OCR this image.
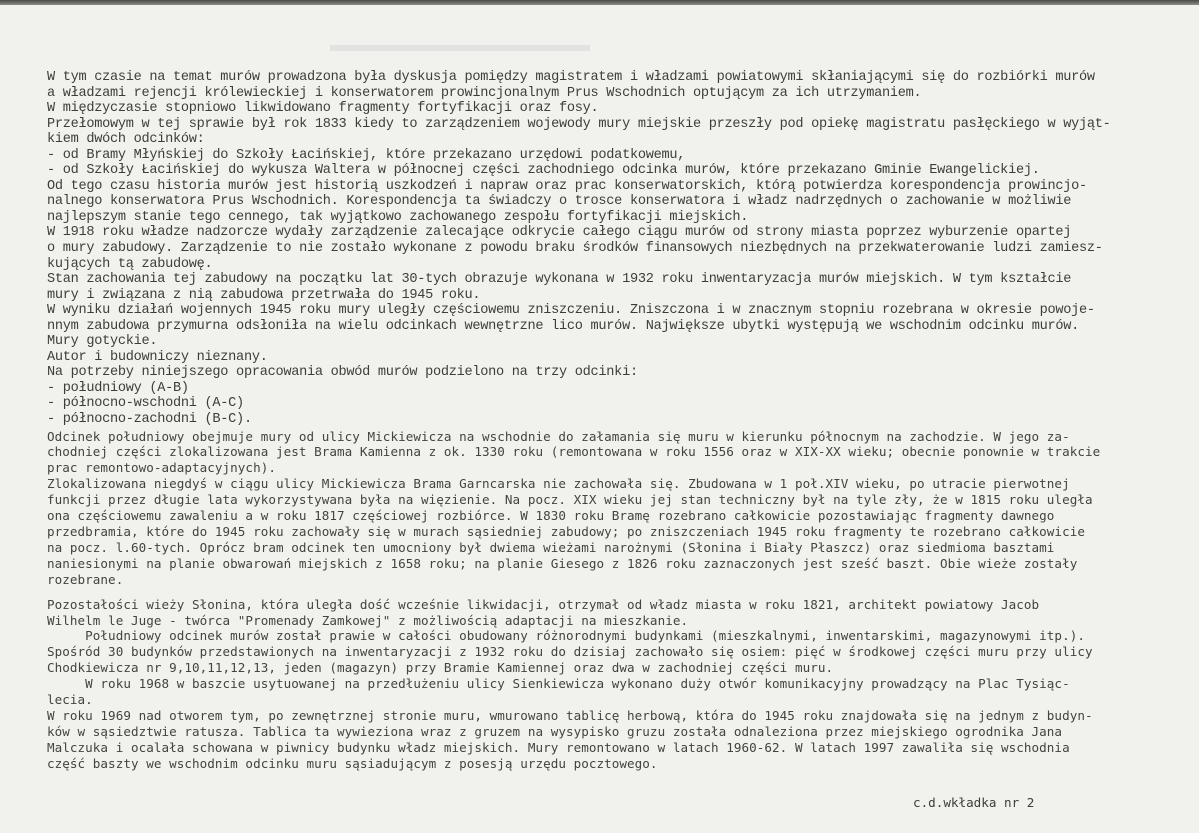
W tym czasie na temat murów prowadzona była dyskusja pomiędzy magistratem i władzami powiatowymi skłaniającymi się do rozbiórki murów
a władzami rejencji królewieckiej i konserwatorem prowincjonalnym Prus Wschodnich optującym za ich utrzymaniem.
W międzyczasie stopniowo likwidowano fragmenty fortyfikacji oraz fosy.
Przełomowym w tej sprawie był rok 1833 kiedy to zarządzeniem wojewody mury miejskie przeszły pod opiekę magistratu pasłęckiego w wyjąt-
kiem dwóch odcinków:
- od Bramy Młyńskiej do Szkoły Łacińskiej, które przekazano urzędowi podatkowemu,
- od Szkoły Łacińskiej do wykusza Waltera w północnej części zachodniego odcinka murów, które przekazano Gminie Ewangelickiej.
Od tego czasu historia murów jest historią uszkodzeń i napraw oraz prac konserwatorskich, którą potwierdza korespondencja prowincjo-
nalnego konserwatora Prus Wschodnich. Korespondencja ta świadczy o trosce konserwatora i władz nadrzędnych o zachowanie w możliwie
najlepszym stanie tego cennego, tak wyjątkowo zachowanego zespołu fortyfikacji miejskich.
W 1918 roku władze nadzorcze wydały zarządzenie zalecające odkrycie całego ciągu murów od strony miasta poprzez wyburzenie opartej
o mury zabudowy. Zarządzenie to nie zostało wykonane z powodu braku środków finansowych niezbędnych na przekwaterowanie ludzi zamiesz-
kujących tą zabudowę.
Stan zachowania tej zabudowy na początku lat 30-tych obrazuje wykonana w 1932 roku inwentaryzacja murów miejskich. W tym kształcie
mury i związana z nią zabudowa przetrwała do 1945 roku.
W wyniku działań wojennych 1945 roku mury uległy częściowemu zniszczeniu. Zniszczona i w znacznym stopniu rozebrana w okresie powoje-
nnym zabudowa przymurna odsłoniła na wielu odcinkach wewnętrzne lico murów. Największe ubytki występują we wschodnim odcinku murów.
Mury gotyckie.
Autor i budowniczy nieznany.
Na potrzeby niniejszego opracowania obwód murów podzielono na trzy odcinki:
- południowy (A-B)
- północno-wschodni (A-C)
- północno-zachodni (B-C).
Odcinek południowy obejmuje mury od ulicy Mickiewicza na wschodnie do załamania się muru w kierunku północnym na zachodzie. W jego za-
chodniej części zlokalizowana jest Brama Kamienna z ok. 1330 roku (remontowana w roku 1556 oraz w XIX-XX wieku; obecnie ponownie w trakcie
prac remontowo-adaptacyjnych).
Zlokalizowana niegdyś w ciągu ulicy Mickiewicza Brama Garncarska nie zachowała się. Zbudowana w 1 poł.XIV wieku, po utracie pierwotnej
funkcji przez długie lata wykorzystywana była na więzienie. Na pocz. XIX wieku jej stan techniczny był na tyle zły, że w 1815 roku uległa
ona częściowemu zawaleniu a w roku 1817 częściowej rozbiórce. W 1830 roku Bramę rozebrano całkowicie pozostawiając fragmenty dawnego
przedbramia, które do 1945 roku zachowały się w murach sąsiedniej zabudowy; po zniszczeniach 1945 roku fragmenty te rozebrano całkowicie
na pocz. l.60-tych. Oprócz bram odcinek ten umocniony był dwiema wieżami narożnymi (Słonina i Biały Płaszcz) oraz siedmioma basztami
naniesionymi na planie obwarowań miejskich z 1658 roku; na planie Giesego z 1826 roku zaznaczonych jest sześć baszt. Obie wieże zostały
rozebrane.
Pozostałości wieży Słonina, która uległa dość wcześnie likwidacji, otrzymał od władz miasta w roku 1821, architekt powiatowy Jacob
Wilhelm le Juge - twórca "Promenady Zamkowej" z możliwością adaptacji na mieszkanie.
Południowy odcinek murów został prawie w całości obudowany różnorodnymi budynkami (mieszkalnymi, inwentarskimi, magazynowymi itp.).
Spośród 30 budynków przedstawionych na inwentaryzacji z 1932 roku do dzisiaj zachowało się osiem: pięć w środkowej części muru przy ulicy
Chodkiewicza nr 9,10,11,12,13, jeden (magazyn) przy Bramie Kamiennej oraz dwa w zachodniej części muru.
W roku 1968 w baszcie usytuowanej na przedłużeniu ulicy Sienkiewicza wykonano duży otwór komunikacyjny prowadzący na Plac Tysiąc-
lecia.
W roku 1969 nad otworem tym, po zewnętrznej stronie muru, wmurowano tablicę herbową, która do 1945 roku znajdowała się na jednym z budyn-
ków w sąsiedztwie ratusza. Tablica ta wywieziona wraz z gruzem na wysypisko gruzu została odnaleziona przez miejskiego ogrodnika Jana
Malczuka i ocalała schowana w piwnicy budynku władz miejskich. Mury remontowano w latach 1960-62. W latach 1997 zawaliła się wschodnia
część baszty we wschodnim odcinku muru sąsiadującym z posesją urzędu pocztowego.
c.d.wkładka nr 2
